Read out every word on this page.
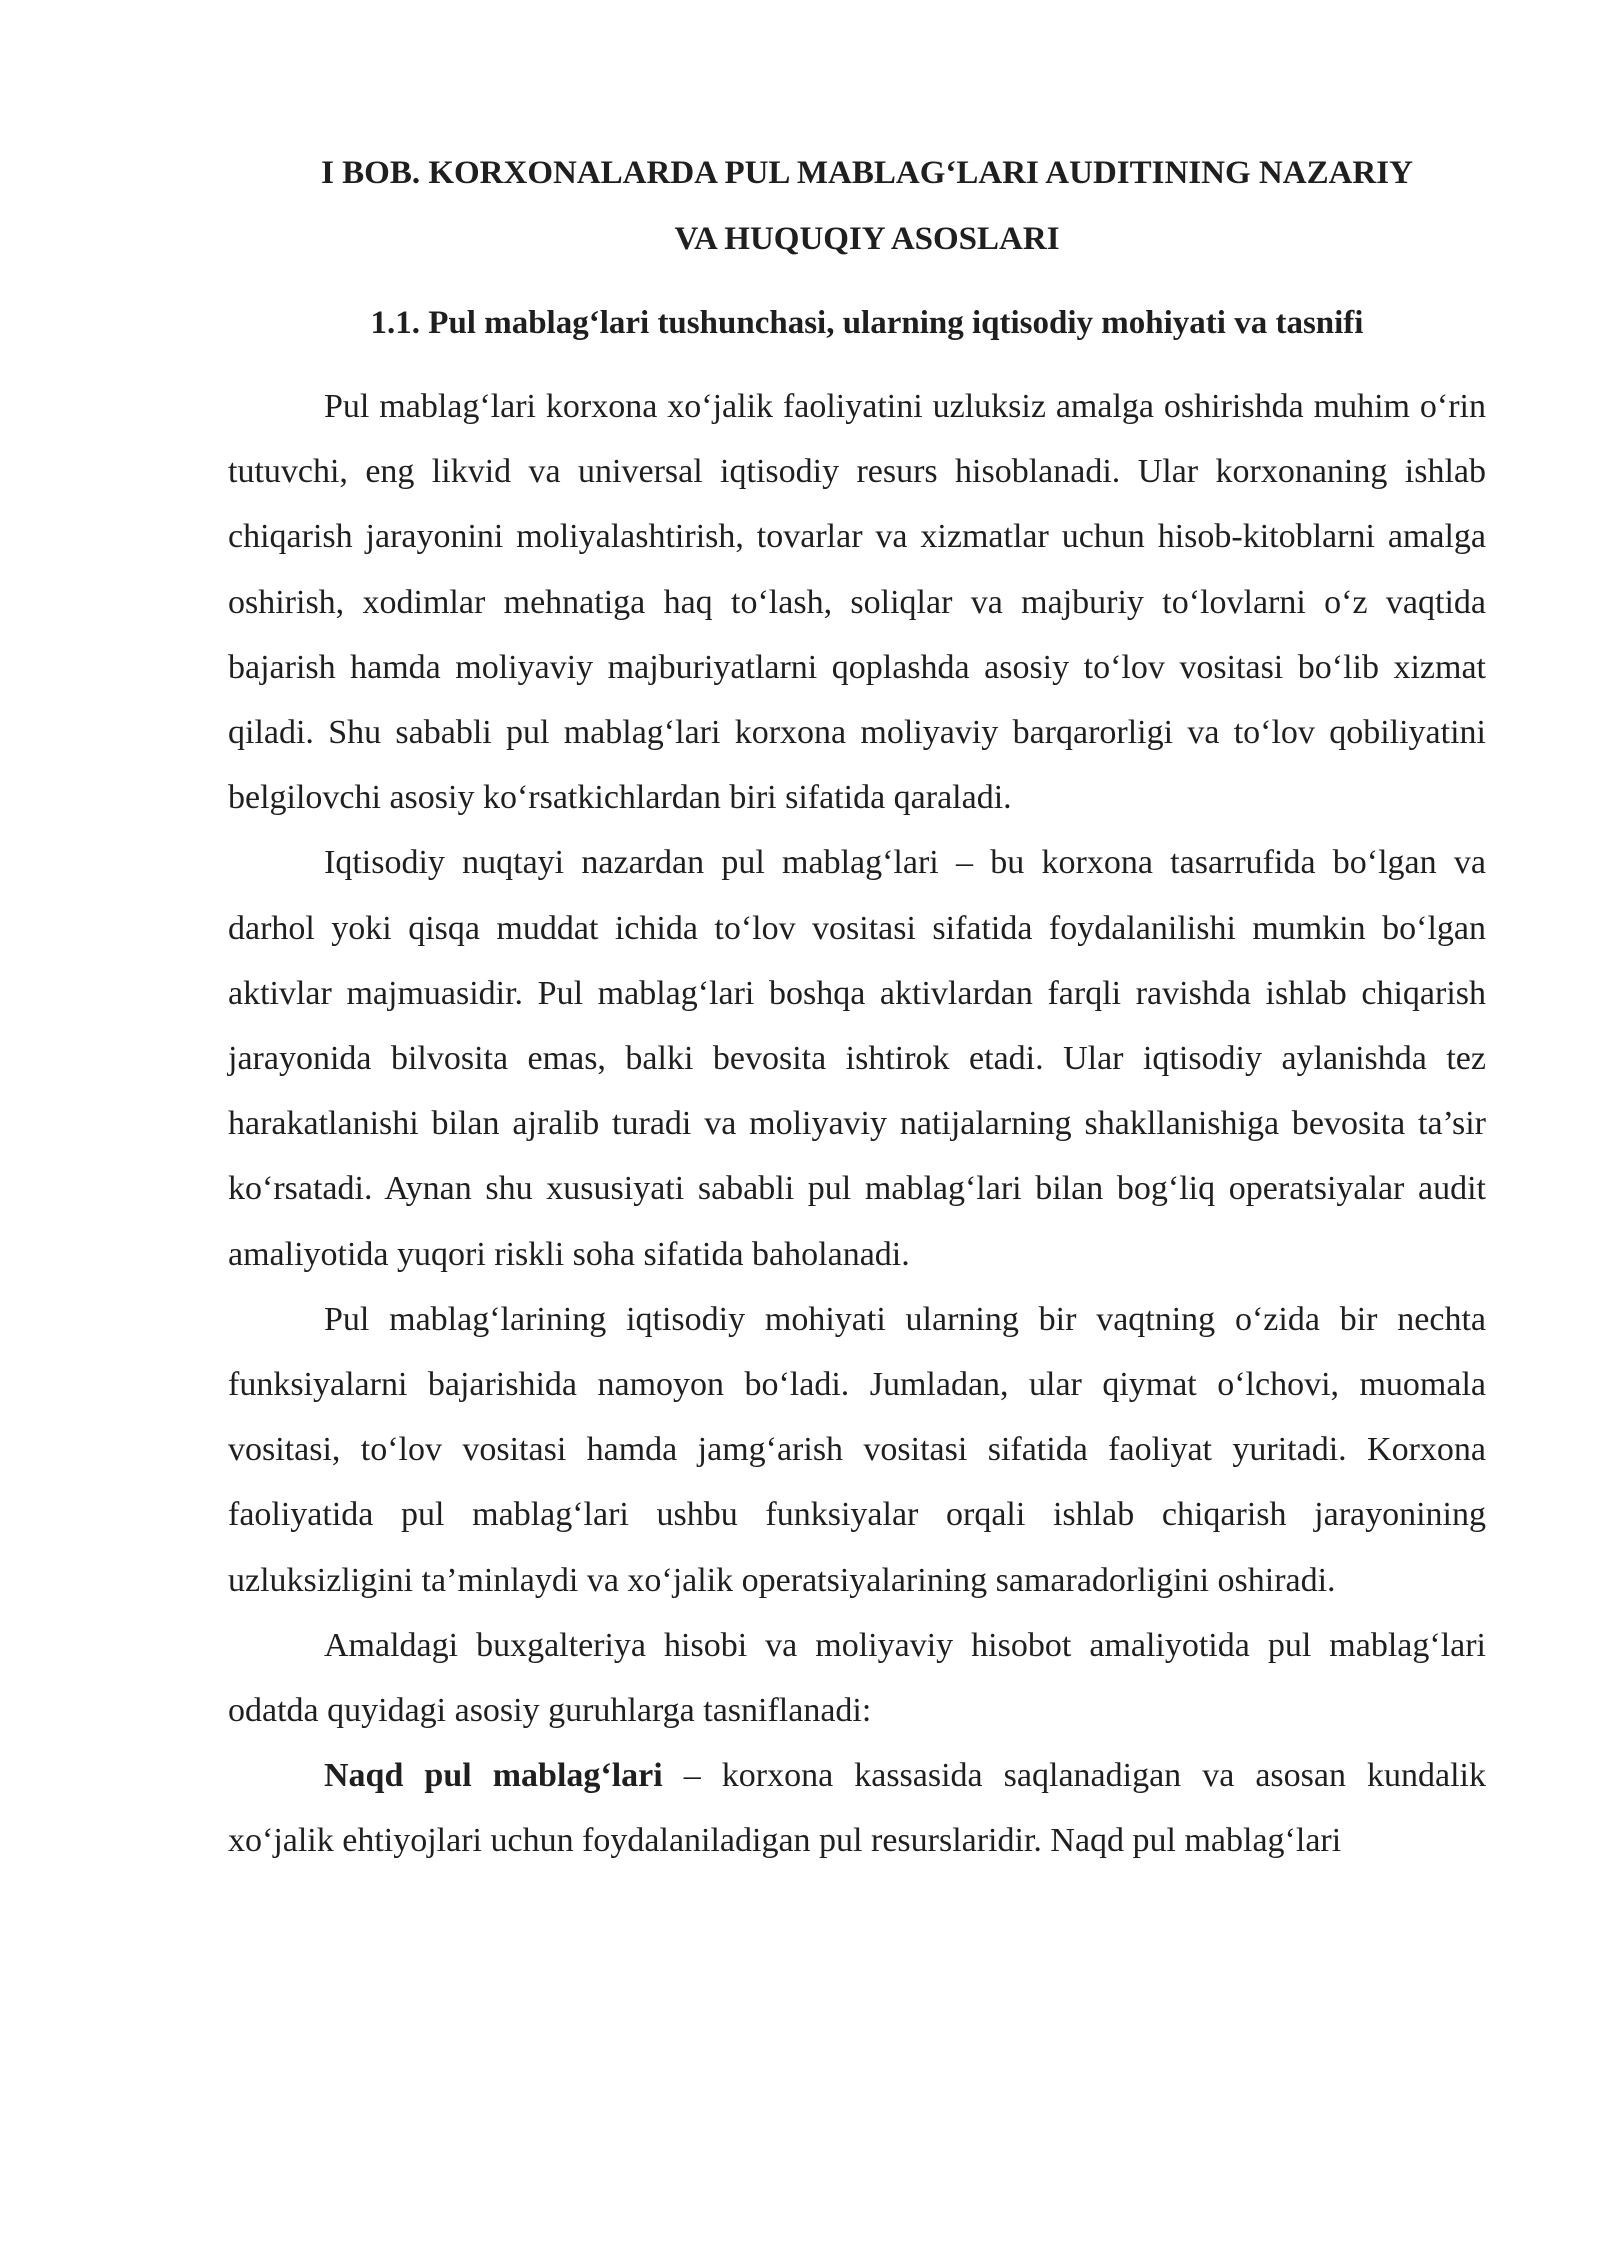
I BOB. KORXONALARDA PUL MABLAG‘LARI AUDITINING NAZARIY
VA HUQUQIY ASOSLARI
1.1. Pul mablag‘lari tushunchasi, ularning iqtisodiy mohiyati va tasnifi

Pul mablag‘lari korxona xo‘jalik faoliyatini uzluksiz amalga oshirishda muhim o‘rin tutuvchi, eng likvid va universal iqtisodiy resurs hisoblanadi. Ular korxonaning ishlab chiqarish jarayonini moliyalashtirish, tovarlar va xizmatlar uchun hisob-kitoblarni amalga oshirish, xodimlar mehnatiga haq to‘lash, soliqlar va majburiy to‘lovlarni o‘z vaqtida bajarish hamda moliyaviy majburiyatlarni qoplashda asosiy to‘lov vositasi bo‘lib xizmat qiladi. Shu sababli pul mablag‘lari korxona moliyaviy barqarorligi va to‘lov qobiliyatini belgilovchi asosiy ko‘rsatkichlardan biri sifatida qaraladi.

Iqtisodiy nuqtayi nazardan pul mablag‘lari – bu korxona tasarrufida bo‘lgan va darhol yoki qisqa muddat ichida to‘lov vositasi sifatida foydalanilishi mumkin bo‘lgan aktivlar majmuasidir. Pul mablag‘lari boshqa aktivlardan farqli ravishda ishlab chiqarish jarayonida bilvosita emas, balki bevosita ishtirok etadi. Ular iqtisodiy aylanishda tez harakatlanishi bilan ajralib turadi va moliyaviy natijalarning shakllanishiga bevosita ta’sir ko‘rsatadi. Aynan shu xususiyati sababli pul mablag‘lari bilan bog‘liq operatsiyalar audit amaliyotida yuqori riskli soha sifatida baholanadi.

Pul mablag‘larining iqtisodiy mohiyati ularning bir vaqtning o‘zida bir nechta funksiyalarni bajarishida namoyon bo‘ladi. Jumladan, ular qiymat o‘lchovi, muomala vositasi, to‘lov vositasi hamda jamg‘arish vositasi sifatida faoliyat yuritadi. Korxona faoliyatida pul mablag‘lari ushbu funksiyalar orqali ishlab chiqarish jarayonining uzluksizligini ta’minlaydi va xo‘jalik operatsiyalarining samaradorligini oshiradi.

Amaldagi buxgalteriya hisobi va moliyaviy hisobot amaliyotida pul mablag‘lari odatda quyidagi asosiy guruhlarga tasniflanadi:

Naqd pul mablag‘lari – korxona kassasida saqlanadigan va asosan kundalik xo‘jalik ehtiyojlari uchun foydalaniladigan pul resurslaridir. Naqd pul mablag‘lari
